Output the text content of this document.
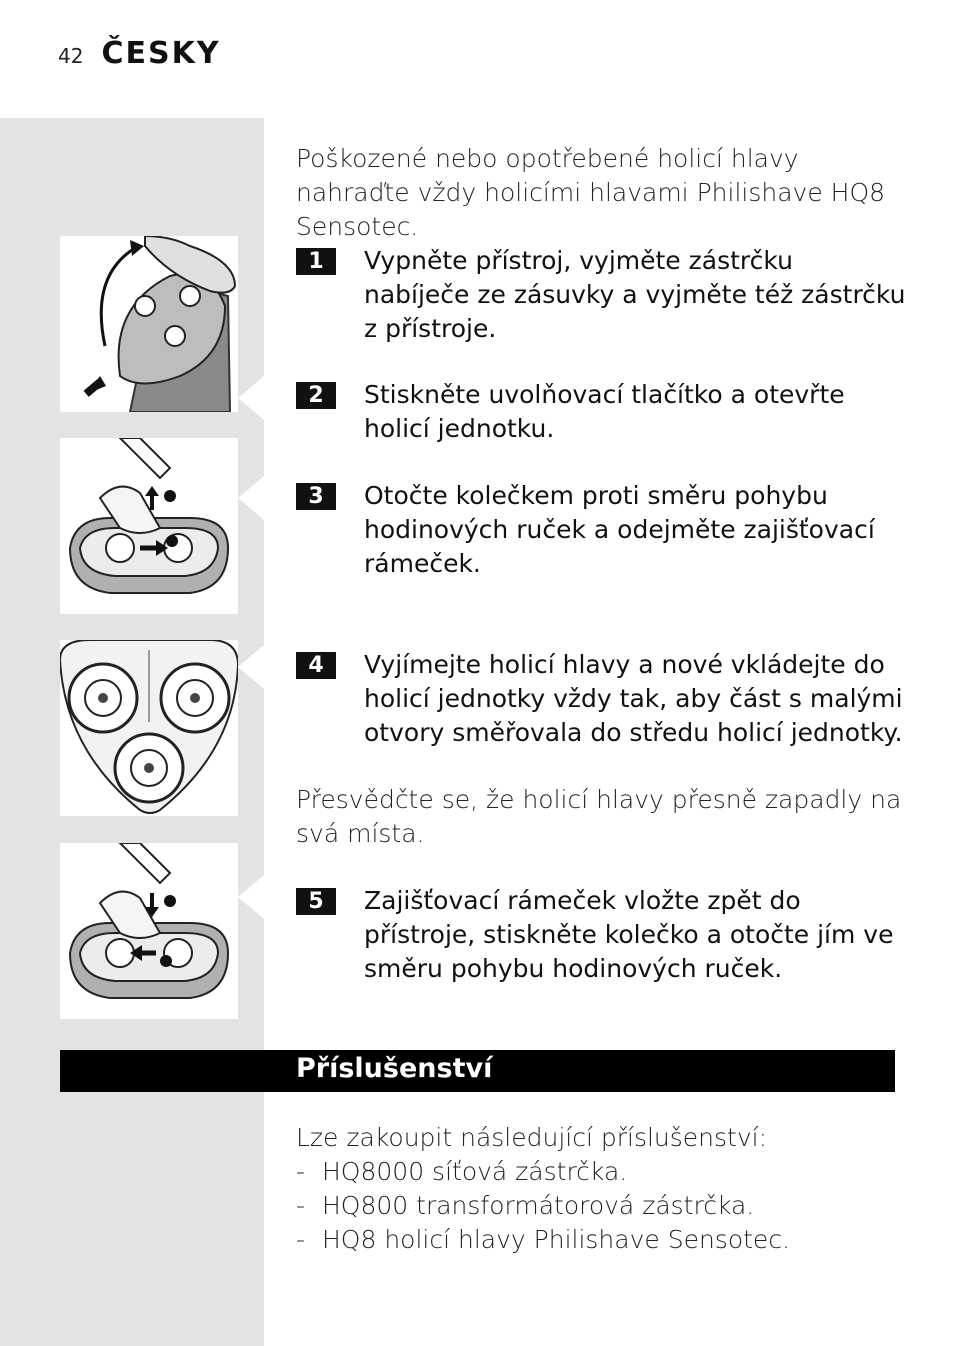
42 ČESKY
Poškozené nebo opotřebené holicí hlavy nahraďte vždy holicími hlavami Philishave HQ8 Sensotec.
1	Vypněte přístroj, vyjměte zástrčku nabíječe ze zásuvky a vyjměte též zástrčku z přístroje.
2	Stiskněte uvolňovací tlačítko a otevřte holicí jednotku.
3	Otočte kolečkem proti směru pohybu hodinových ruček a odejměte zajišťovací rámeček.
4	Vyjímejte holicí hlavy a nové vkládejte do holicí jednotky vždy tak, aby část s malými otvory směřovala do středu holicí jednotky.
Přesvědčte se, že holicí hlavy přesně zapadly na svá místa.
5	Zajišťovací rámeček vložte zpět do přístroje, stiskněte kolečko a otočte jím ve směru pohybu hodinových ruček.
Příslušenství
Lze zakoupit následující příslušenství:
- HQ8000 síťová zástrčka.
- HQ800 transformátorová zástrčka.
- HQ8 holicí hlavy Philishave Sensotec.
